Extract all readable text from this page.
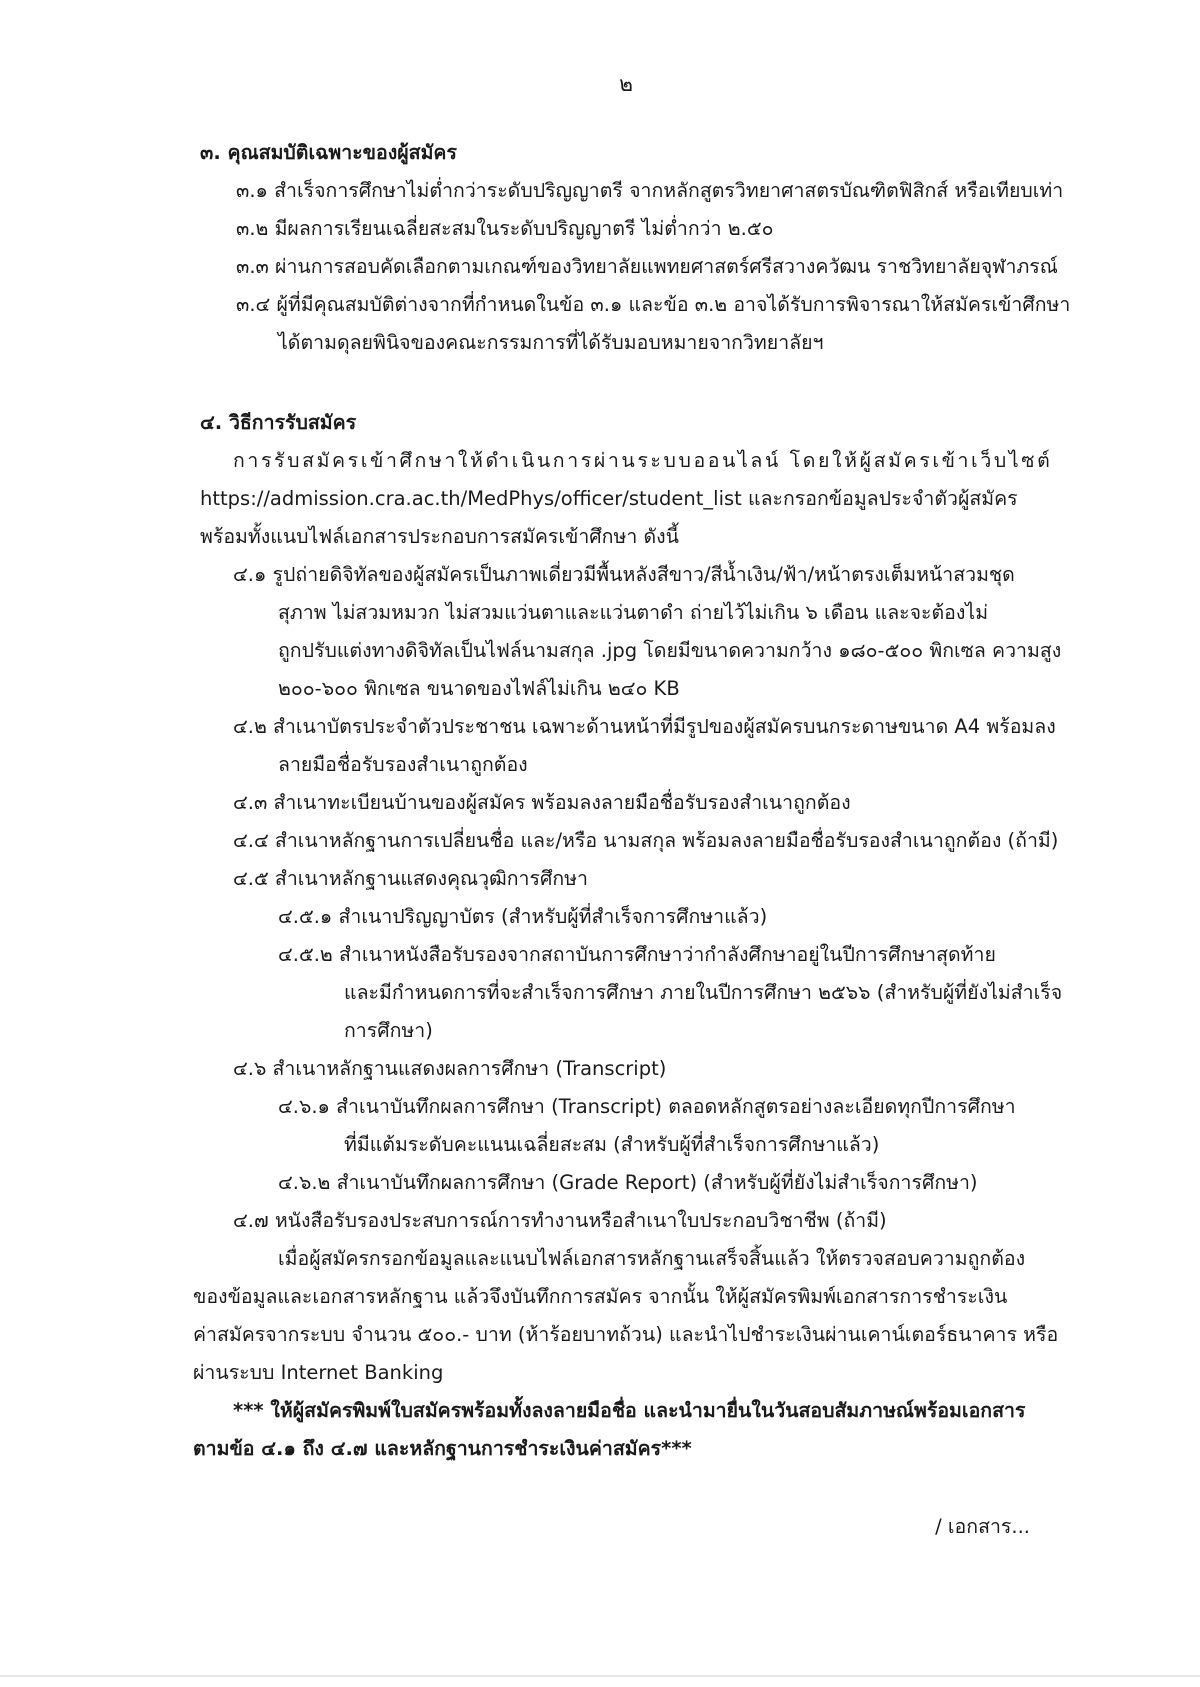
๒
๓. คุณสมบัติเฉพาะของผู้สมัคร
๓.๑ สำเร็จการศึกษาไม่ต่ำกว่าระดับปริญญาตรี จากหลักสูตรวิทยาศาสตรบัณฑิตฟิสิกส์ หรือเทียบเท่า
๓.๒ มีผลการเรียนเฉลี่ยสะสมในระดับปริญญาตรี ไม่ต่ำกว่า ๒.๕๐
๓.๓ ผ่านการสอบคัดเลือกตามเกณฑ์ของวิทยาลัยแพทยศาสตร์ศรีสวางควัฒน ราชวิทยาลัยจุฬาภรณ์
๓.๔ ผู้ที่มีคุณสมบัติต่างจากที่กำหนดในข้อ ๓.๑ และข้อ ๓.๒ อาจได้รับการพิจารณาให้สมัครเข้าศึกษา
ได้ตามดุลยพินิจของคณะกรรมการที่ได้รับมอบหมายจากวิทยาลัยฯ
๔. วิธีการรับสมัคร
การรับสมัครเข้าศึกษาให้ดำเนินการผ่านระบบออนไลน์ โดยให้ผู้สมัครเข้าเว็บไซต์
https://admission.cra.ac.th/MedPhys/officer/student_list และกรอกข้อมูลประจำตัวผู้สมัคร
พร้อมทั้งแนบไฟล์เอกสารประกอบการสมัครเข้าศึกษา ดังนี้
๔.๑ รูปถ่ายดิจิทัลของผู้สมัครเป็นภาพเดี่ยวมีพื้นหลังสีขาว/สีน้ำเงิน/ฟ้า/หน้าตรงเต็มหน้าสวมชุด
สุภาพ ไม่สวมหมวก ไม่สวมแว่นตาและแว่นตาดำ ถ่ายไว้ไม่เกิน ๖ เดือน และจะต้องไม่
ถูกปรับแต่งทางดิจิทัลเป็นไฟล์นามสกุล .jpg โดยมีขนาดความกว้าง ๑๘๐-๕๐๐ พิกเซล ความสูง
๒๐๐-๖๐๐ พิกเซล ขนาดของไฟล์ไม่เกิน ๒๔๐ KB
๔.๒ สำเนาบัตรประจำตัวประชาชน เฉพาะด้านหน้าที่มีรูปของผู้สมัครบนกระดาษขนาด A4 พร้อมลง
ลายมือชื่อรับรองสำเนาถูกต้อง
๔.๓ สำเนาทะเบียนบ้านของผู้สมัคร พร้อมลงลายมือชื่อรับรองสำเนาถูกต้อง
๔.๔ สำเนาหลักฐานการเปลี่ยนชื่อ และ/หรือ นามสกุล พร้อมลงลายมือชื่อรับรองสำเนาถูกต้อง (ถ้ามี)
๔.๕ สำเนาหลักฐานแสดงคุณวุฒิการศึกษา
๔.๕.๑ สำเนาปริญญาบัตร (สำหรับผู้ที่สำเร็จการศึกษาแล้ว)
๔.๕.๒ สำเนาหนังสือรับรองจากสถาบันการศึกษาว่ากำลังศึกษาอยู่ในปีการศึกษาสุดท้าย
และมีกำหนดการที่จะสำเร็จการศึกษา ภายในปีการศึกษา ๒๕๖๖ (สำหรับผู้ที่ยังไม่สำเร็จ
การศึกษา)
๔.๖ สำเนาหลักฐานแสดงผลการศึกษา (Transcript)
๔.๖.๑ สำเนาบันทึกผลการศึกษา (Transcript) ตลอดหลักสูตรอย่างละเอียดทุกปีการศึกษา
ที่มีแต้มระดับคะแนนเฉลี่ยสะสม (สำหรับผู้ที่สำเร็จการศึกษาแล้ว)
๔.๖.๒ สำเนาบันทึกผลการศึกษา (Grade Report) (สำหรับผู้ที่ยังไม่สำเร็จการศึกษา)
๔.๗ หนังสือรับรองประสบการณ์การทำงานหรือสำเนาใบประกอบวิชาชีพ (ถ้ามี)
เมื่อผู้สมัครกรอกข้อมูลและแนบไฟล์เอกสารหลักฐานเสร็จสิ้นแล้ว ให้ตรวจสอบความถูกต้อง
ของข้อมูลและเอกสารหลักฐาน แล้วจึงบันทึกการสมัคร จากนั้น ให้ผู้สมัครพิมพ์เอกสารการชำระเงิน
ค่าสมัครจากระบบ จำนวน ๕๐๐.- บาท (ห้าร้อยบาทถ้วน) และนำไปชำระเงินผ่านเคาน์เตอร์ธนาคาร หรือ
ผ่านระบบ Internet Banking
*** ให้ผู้สมัครพิมพ์ใบสมัครพร้อมทั้งลงลายมือชื่อ และนำมายื่นในวันสอบสัมภาษณ์พร้อมเอกสาร
ตามข้อ ๔.๑ ถึง ๔.๗ และหลักฐานการชำระเงินค่าสมัคร***
/ เอกสาร...
